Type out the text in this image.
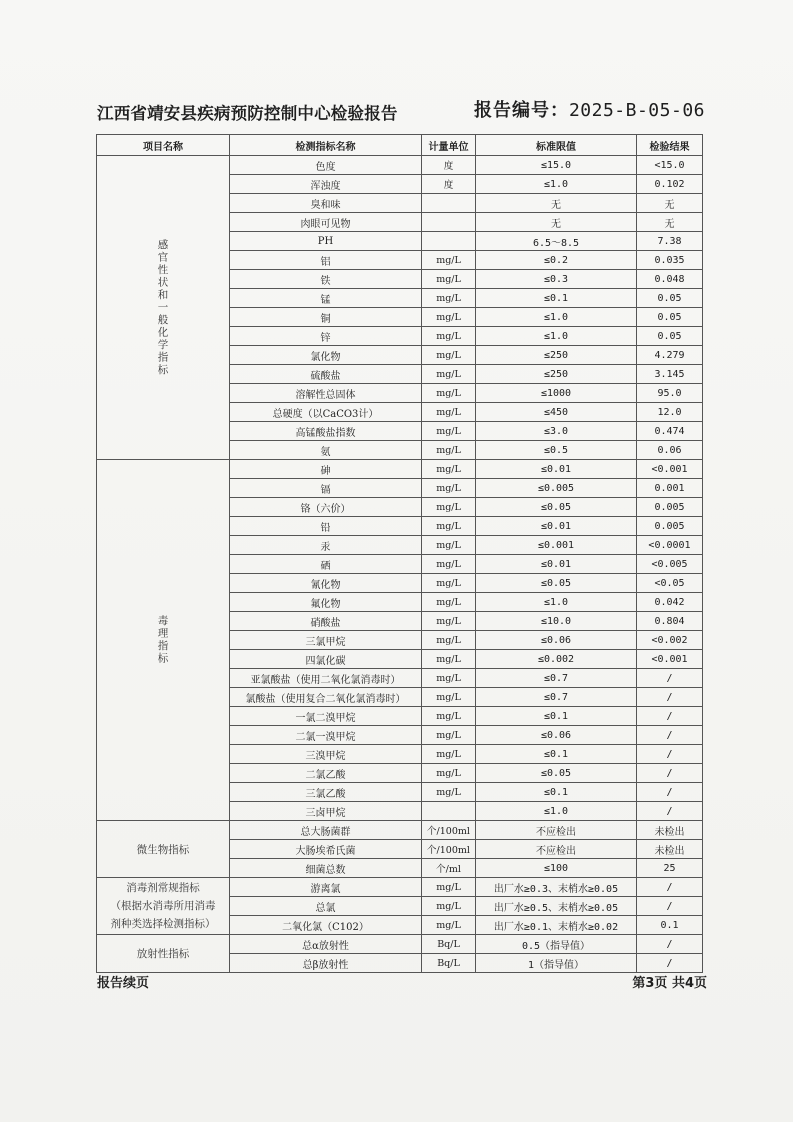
江西省靖安县疾病预防控制中心检验报告	报告编号：2025-B-05-06
项目名称	检测指标名称	计量单位	标准限值	检验结果
感官性状和一般化学指标	色度	度	≤15.0	<15.0
	浑浊度	度	≤1.0	0.102
	臭和味		无	无
	肉眼可见物		无	无
	PH		6.5～8.5	7.38
	铝	mg/L	≤0.2	0.035
	铁	mg/L	≤0.3	0.048
	锰	mg/L	≤0.1	0.05
	铜	mg/L	≤1.0	0.05
	锌	mg/L	≤1.0	0.05
	氯化物	mg/L	≤250	4.279
	硫酸盐	mg/L	≤250	3.145
	溶解性总固体	mg/L	≤1000	95.0
	总硬度（以CaCO3计）	mg/L	≤450	12.0
	高锰酸盐指数	mg/L	≤3.0	0.474
	氨	mg/L	≤0.5	0.06
毒理指标	砷	mg/L	≤0.01	<0.001
	镉	mg/L	≤0.005	0.001
	铬（六价）	mg/L	≤0.05	0.005
	铅	mg/L	≤0.01	0.005
	汞	mg/L	≤0.001	<0.0001
	硒	mg/L	≤0.01	<0.005
	氰化物	mg/L	≤0.05	<0.05
	氟化物	mg/L	≤1.0	0.042
	硝酸盐	mg/L	≤10.0	0.804
	三氯甲烷	mg/L	≤0.06	<0.002
	四氯化碳	mg/L	≤0.002	<0.001
	亚氯酸盐（使用二氧化氯消毒时）	mg/L	≤0.7	/
	氯酸盐（使用复合二氧化氯消毒时）	mg/L	≤0.7	/
	一氯二溴甲烷	mg/L	≤0.1	/
	二氯一溴甲烷	mg/L	≤0.06	/
	三溴甲烷	mg/L	≤0.1	/
	二氯乙酸	mg/L	≤0.05	/
	三氯乙酸	mg/L	≤0.1	/
	三卤甲烷		≤1.0	/
微生物指标	总大肠菌群	个/100ml	不应检出	未检出
	大肠埃希氏菌	个/100ml	不应检出	未检出
	细菌总数	个/ml	≤100	25

消毒剂常规指标
（根据水消毒所用消毒
剂种类选择检测指标）	游离氯	mg/L	出厂水≥0.3、末梢水≥0.05	/
	总氯	mg/L	出厂水≥0.5、末梢水≥0.05	/
	二氧化氯（C102）	mg/L	出厂水≥0.1、末梢水≥0.02	0.1
放射性指标	总α放射性	Bq/L	0.5（指导值）	/
	总β放射性	Bq/L	1（指导值）	/
报告续页	第3页 共4页
